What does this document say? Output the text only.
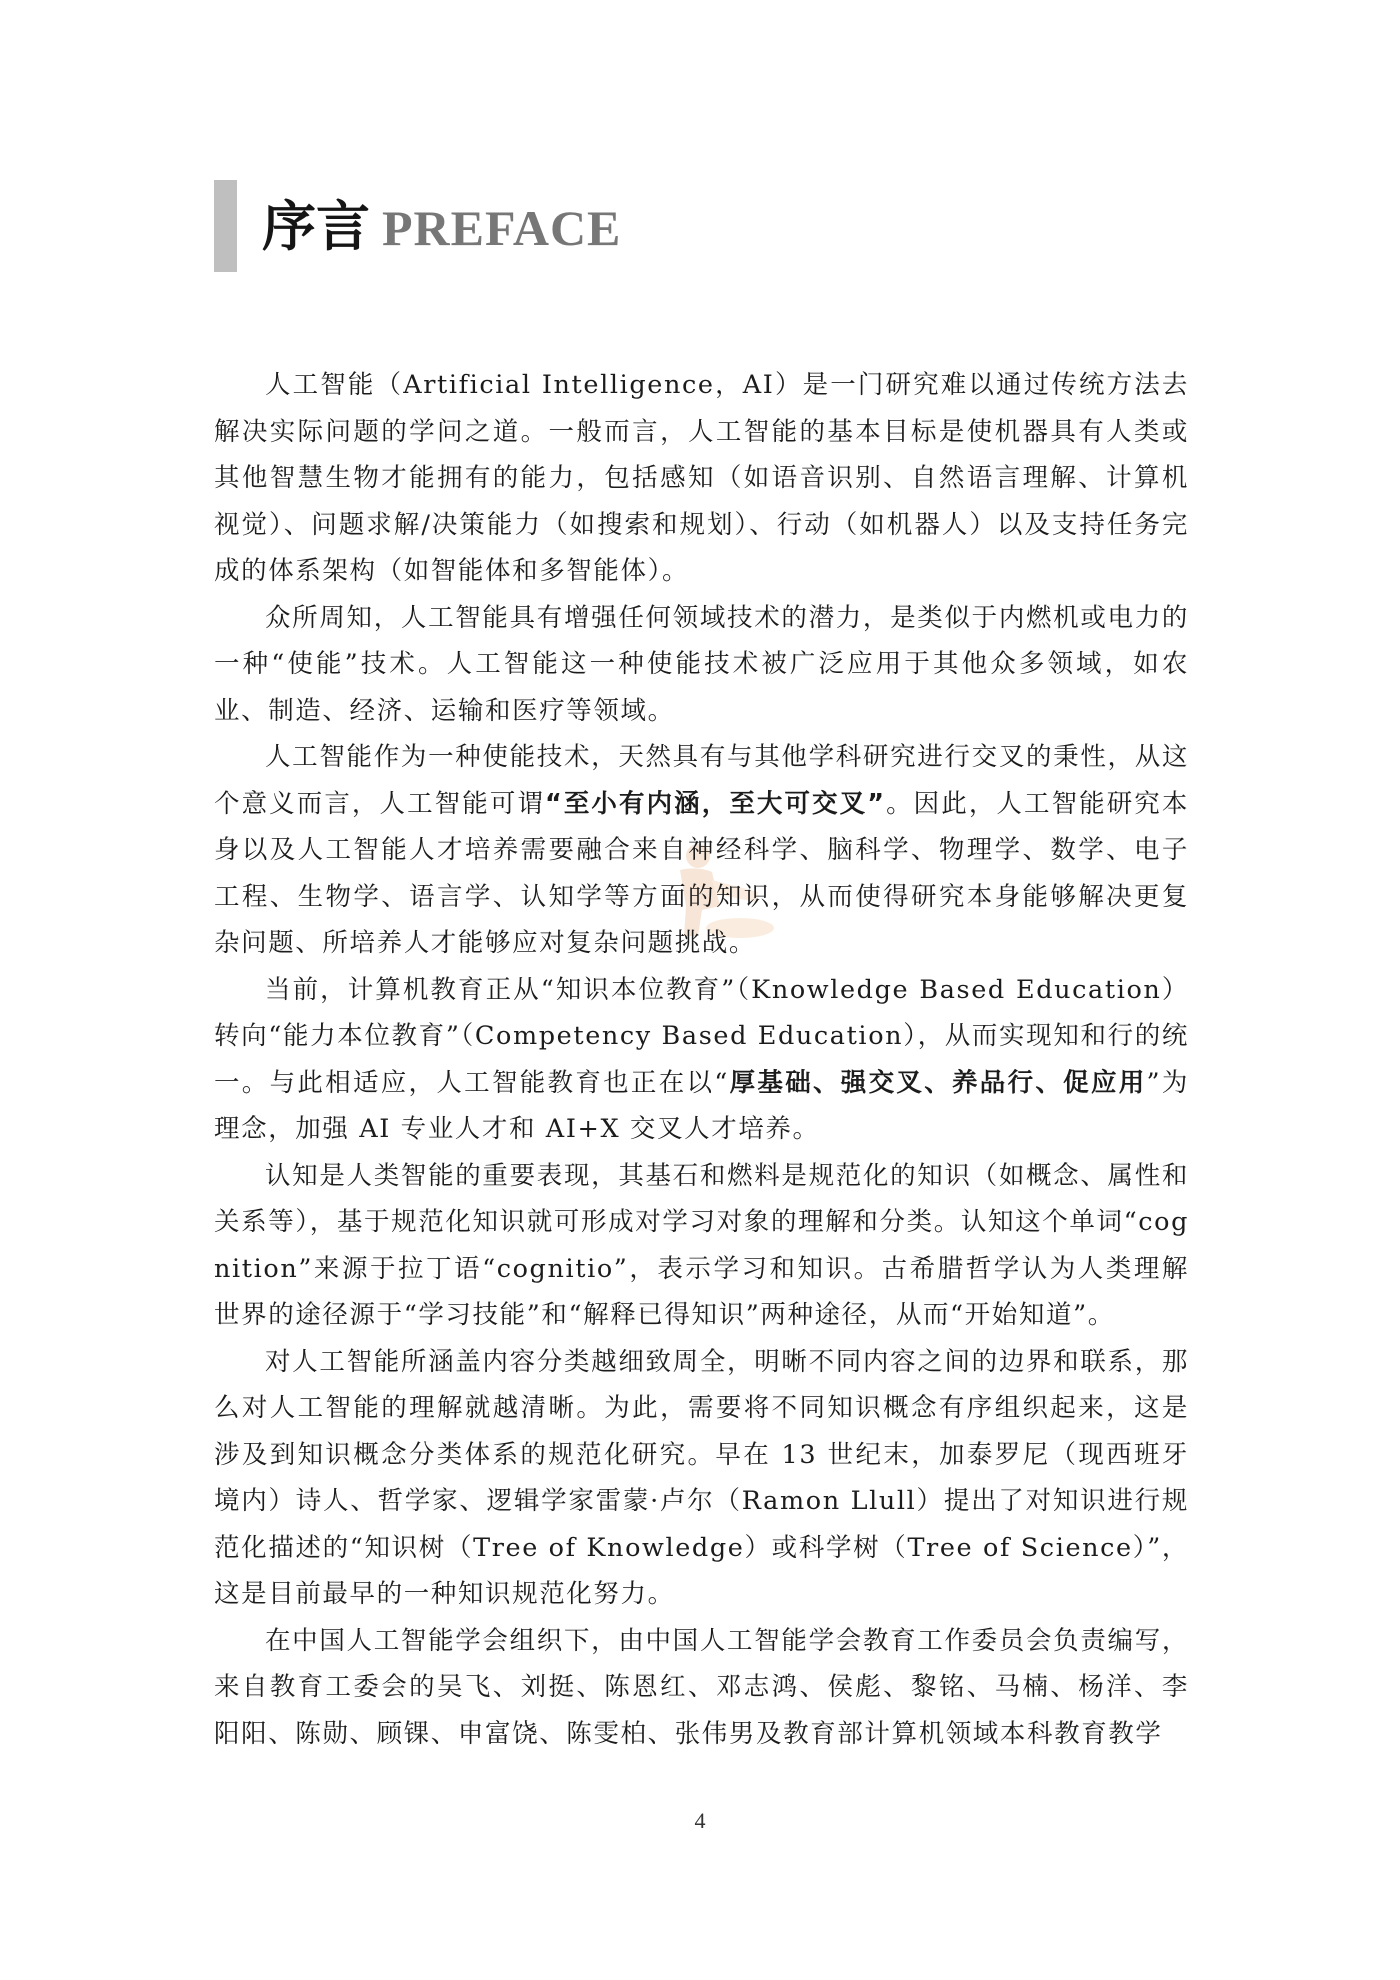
序言 PREFACE

人工智能（Artificial Intelligence，AI）是一门研究难以通过传统方法去解决实际问题的学问之道。一般而言，人工智能的基本目标是使机器具有人类或其他智慧生物才能拥有的能力，包括感知（如语音识别、自然语言理解、计算机视觉）、问题求解/决策能力（如搜索和规划）、行动（如机器人）以及支持任务完成的体系架构（如智能体和多智能体）。

众所周知，人工智能具有增强任何领域技术的潜力，是类似于内燃机或电力的一种“使能”技术。人工智能这一种使能技术被广泛应用于其他众多领域，如农业、制造、经济、运输和医疗等领域。

人工智能作为一种使能技术，天然具有与其他学科研究进行交叉的秉性，从这个意义而言，人工智能可谓“至小有内涵，至大可交叉”。因此，人工智能研究本身以及人工智能人才培养需要融合来自神经科学、脑科学、物理学、数学、电子工程、生物学、语言学、认知学等方面的知识，从而使得研究本身能够解决更复杂问题、所培养人才能够应对复杂问题挑战。

当前，计算机教育正从“知识本位教育”（Knowledge Based Education）转向“能力本位教育”（Competency Based Education），从而实现知和行的统一。与此相适应，人工智能教育也正在以“厚基础、强交叉、养品行、促应用”为理念，加强 AI 专业人才和 AI+X 交叉人才培养。

认知是人类智能的重要表现，其基石和燃料是规范化的知识（如概念、属性和关系等），基于规范化知识就可形成对学习对象的理解和分类。认知这个单词“cognition”来源于拉丁语“cognitio”，表示学习和知识。古希腊哲学认为人类理解世界的途径源于“学习技能”和“解释已得知识”两种途径，从而“开始知道”。

对人工智能所涵盖内容分类越细致周全，明晰不同内容之间的边界和联系，那么对人工智能的理解就越清晰。为此，需要将不同知识概念有序组织起来，这是涉及到知识概念分类体系的规范化研究。早在 13 世纪末，加泰罗尼（现西班牙境内）诗人、哲学家、逻辑学家雷蒙·卢尔（Ramon Llull）提出了对知识进行规范化描述的“知识树（Tree of Knowledge）或科学树（Tree of Science）”，这是目前最早的一种知识规范化努力。

在中国人工智能学会组织下，由中国人工智能学会教育工作委员会负责编写，来自教育工委会的吴飞、刘挺、陈恩红、邓志鸿、侯彪、黎铭、马楠、杨洋、李阳阳、陈勋、顾锞、申富饶、陈雯柏、张伟男及教育部计算机领域本科教育教学

4
